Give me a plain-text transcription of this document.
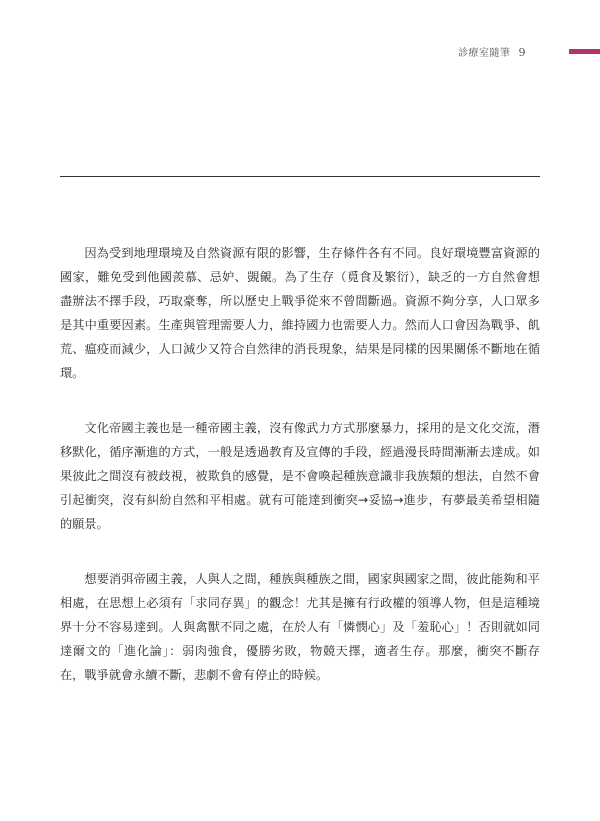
診療室隨筆 9

因為受到地理環境及自然資源有限的影響，生存條件各有不同。良好環境豐富資源的國家，難免受到他國羨慕、忌妒、覬覦。為了生存（覓食及繁衍），缺乏的一方自然會想盡辦法不擇手段，巧取豪奪，所以歷史上戰爭從來不曾間斷過。資源不夠分享，人口眾多是其中重要因素。生產與管理需要人力，維持國力也需要人力。然而人口會因為戰爭、飢荒、瘟疫而減少，人口減少又符合自然律的消長現象，結果是同樣的因果關係不斷地在循環。

文化帝國主義也是一種帝國主義，沒有像武力方式那麼暴力，採用的是文化交流，潛移默化，循序漸進的方式，一般是透過教育及宣傳的手段，經過漫長時間漸漸去達成。如果彼此之間沒有被歧視，被欺負的感覺，是不會喚起種族意識非我族類的想法，自然不會引起衝突，沒有糾紛自然和平相處。就有可能達到衝突→妥協→進步，有夢最美希望相隨的願景。

想要消弭帝國主義，人與人之間，種族與種族之間，國家與國家之間，彼此能夠和平相處，在思想上必須有「求同存異」的觀念！尤其是擁有行政權的領導人物，但是這種境界十分不容易達到。人與禽獸不同之處，在於人有「憐憫心」及「羞恥心」！否則就如同達爾文的「進化論」：弱肉強食，優勝劣敗，物競天擇，適者生存。那麼，衝突不斷存在，戰爭就會永續不斷，悲劇不會有停止的時候。
